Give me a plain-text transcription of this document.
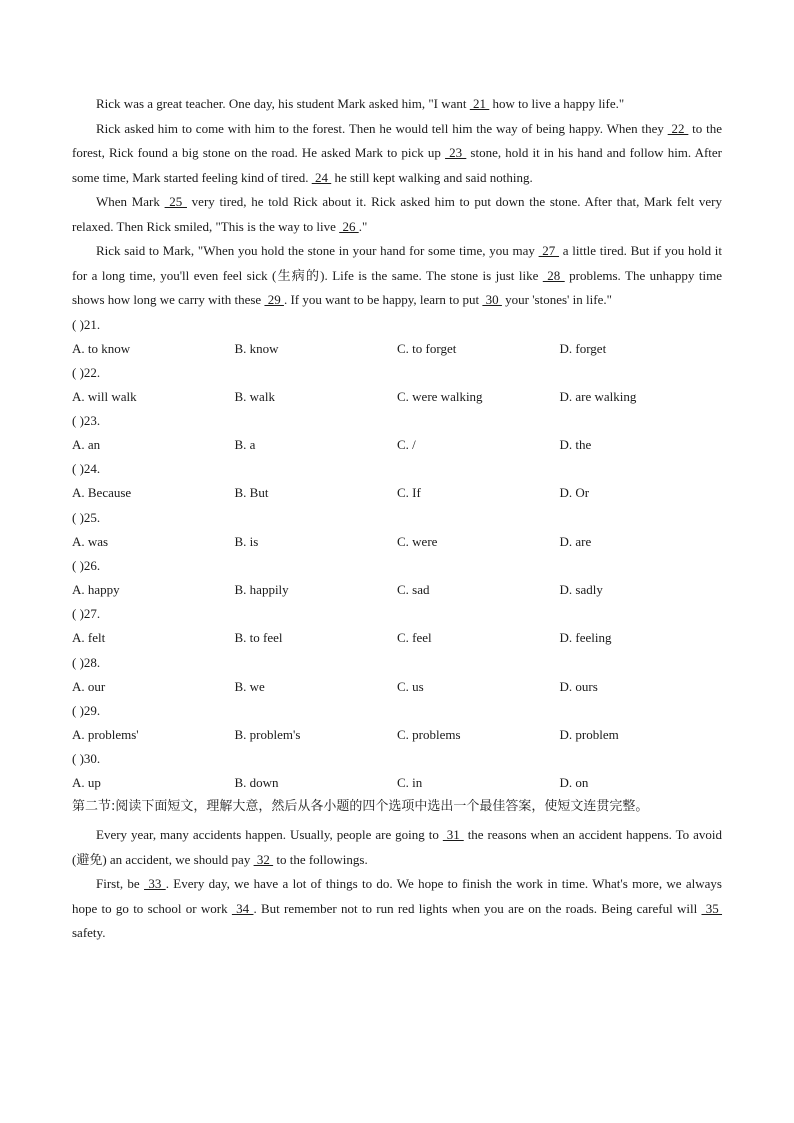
Rick was a great teacher. One day, his student Mark asked him, "I want  21  how to live a happy life."

Rick asked him to come with him to the forest. Then he would tell him the way of being happy. When they  22  to the forest, Rick found a big stone on the road. He asked Mark to pick up  23  stone, hold it in his hand and follow him. After some time, Mark started feeling kind of tired.  24  he still kept walking and said nothing.

When Mark  25  very tired, he told Rick about it. Rick asked him to put down the stone. After that, Mark felt very relaxed. Then Rick smiled, "This is the way to live  26 ."

Rick said to Mark, "When you hold the stone in your hand for some time, you may  27  a little tired. But if you hold it for a long time, you'll even feel sick (生病的). Life is the same. The stone is just like  28  problems. The unhappy time shows how long we carry with these  29 . If you want to be happy, learn to put  30  your 'stones' in life."

( )21.
A. to know	B. know	C. to forget	D. forget
( )22.
A. will walk	B. walk	C. were walking	D. are walking
( )23.
A. an	B. a	C. /	D. the
( )24.
A. Because	B. But	C. If	D. Or
( )25.
A. was	B. is	C. were	D. are
( )26.
A. happy	B. happily	C. sad	D. sadly
( )27.
A. felt	B. to feel	C. feel	D. feeling
( )28.
A. our	B. we	C. us	D. ours
( )29.
A. problems'	B. problem's	C. problems	D. problem
( )30.
A. up	B. down	C. in	D. on

第二节:阅读下面短文，理解大意，然后从各小题的四个选项中选出一个最佳答案，使短文连贯完整。

Every year, many accidents happen. Usually, people are going to  31  the reasons when an accident happens. To avoid (避免) an accident, we should pay  32  to the followings.

First, be  33 . Every day, we have a lot of things to do. We hope to finish the work in time. What's more, we always hope to go to school or work  34 . But remember not to run red lights when you are on the roads. Being careful will  35  safety.
